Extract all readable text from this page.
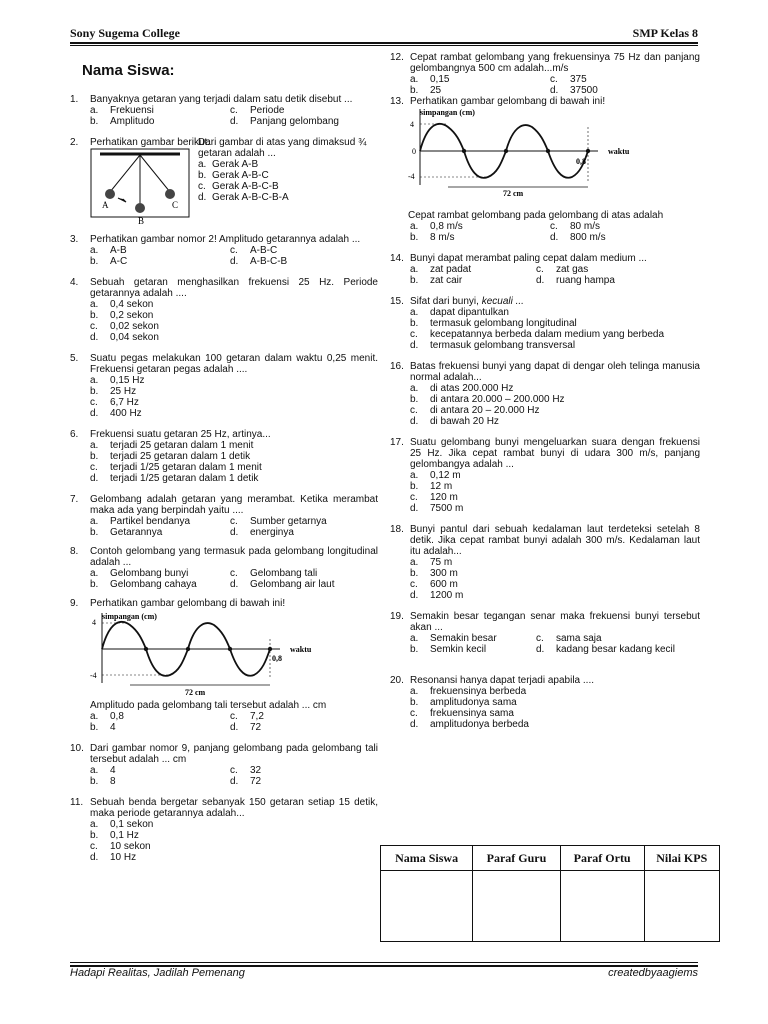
Sony Sugema College	SMP Kelas 8
Nama Siswa:
1.	Banyaknya getaran yang terjadi dalam satu detik disebut ...
a.	Frekuensi	c.	Periode
b.	Amplitudo	d.	Panjang gelombang
2.	Perhatikan gambar berikut:
A
B
C
Dari gambar di atas yang dimaksud ¾ getaran adalah ...
a. Gerak A-B
b. Gerak A-B-C
c. Gerak A-B-C-B
d. Gerak A-B-C-B-A
3.	Perhatikan gambar nomor 2! Amplitudo getarannya adalah ...
a.	A-B	c.	A-B-C
b.	A-C	d.	A-B-C-B
4.	Sebuah getaran menghasilkan frekuensi 25 Hz. Periode getarannya adalah ....
a.	0,4 sekon
b.	0,2 sekon
c.	0,02 sekon
d.	0,04 sekon
5.	Suatu pegas melakukan 100 getaran dalam waktu 0,25 menit. Frekuensi getaran pegas adalah ....
a.	0,15 Hz
b.	25 Hz
c.	6,7 Hz
d.	400 Hz
6.	Frekuensi suatu getaran 25 Hz, artinya...
a.	terjadi 25 getaran dalam 1 menit
b.	terjadi 25 getaran dalam 1 detik
c.	terjadi 1/25 getaran dalam 1 menit
d.	terjadi 1/25 getaran dalam 1 detik
7.	Gelombang adalah getaran yang merambat. Ketika merambat maka ada yang berpindah yaitu ....
a.	Partikel bendanya	c.	Sumber getarnya
b.	Getarannya	d.	energinya
8.	Contoh gelombang yang termasuk pada gelombang longitudinal adalah ...
a.	Gelombang bunyi	c.	Gelombang tali
b.	Gelombang cahaya	d.	Gelombang air laut
9.	Perhatikan gambar gelombang di bawah ini!
simpangan (cm)
4
-4
waktu
0,8
72 cm
Amplitudo pada gelombang tali tersebut adalah ... cm
a.	0,8	c.	7,2
b.	4	d.	72
10. Dari gambar nomor 9, panjang gelombang pada gelombang tali tersebut adalah ... cm
a.	4	c.	32
b.	8	d.	72
11. Sebuah benda bergetar sebanyak 150 getaran setiap 15 detik, maka periode getarannya adalah...
a.	0,1 sekon
b.	0,1 Hz
c.	10 sekon
d.	10 Hz
12. Cepat rambat gelombang yang frekuensinya 75 Hz dan panjang gelombangnya 500 cm adalah...m/s
a.	0,15	c.	375
b.	25	d.	37500
13. Perhatikan gambar gelombang di bawah ini!
simpangan (cm)
4
0
-4
waktu
0,8
72 cm
Cepat rambat gelombang pada gelombang di atas adalah
a.	0,8 m/s	c.	80 m/s
b.	8 m/s	d.	800 m/s
14. Bunyi dapat merambat paling cepat dalam medium ...
a.	zat padat	c.	zat gas
b.	zat cair	d.	ruang hampa
15. Sifat dari bunyi, kecuali ...
a.	dapat dipantulkan
b.	termasuk gelombang longitudinal
c.	kecepatannya berbeda dalam medium yang berbeda
d.	termasuk gelombang transversal
16. Batas frekuensi bunyi yang dapat di dengar oleh telinga manusia normal adalah...
a.	di atas 200.000 Hz
b.	di antara 20.000 – 200.000 Hz
c.	di antara 20 – 20.000 Hz
d.	di bawah 20 Hz
17. Suatu gelombang bunyi mengeluarkan suara dengan frekuensi 25 Hz. Jika cepat rambat bunyi di udara 300 m/s, panjang gelombangya adalah ...
a.	0,12 m
b.	12 m
c.	120 m
d.	7500 m
18. Bunyi pantul dari sebuah kedalaman laut terdeteksi setelah 8 detik. Jika cepat rambat bunyi adalah 300 m/s. Kedalaman laut itu adalah...
a.	75 m
b.	300 m
c.	600 m
d.	1200 m
19. Semakin besar tegangan senar maka frekuensi bunyi tersebut akan ...
a.	Semakin besar	c.	sama saja
b.	Semkin kecil	d.	kadang besar kadang kecil
20. Resonansi hanya dapat terjadi apabila ....
a.	frekuensinya berbeda
b.	amplitudonya sama
c.	frekuensinya sama
d.	amplitudonya berbeda
Nama Siswa	Paraf Guru	Paraf Ortu	Nilai KPS

Hadapi Realitas, Jadilah Pemenang	createdbyaagiems
